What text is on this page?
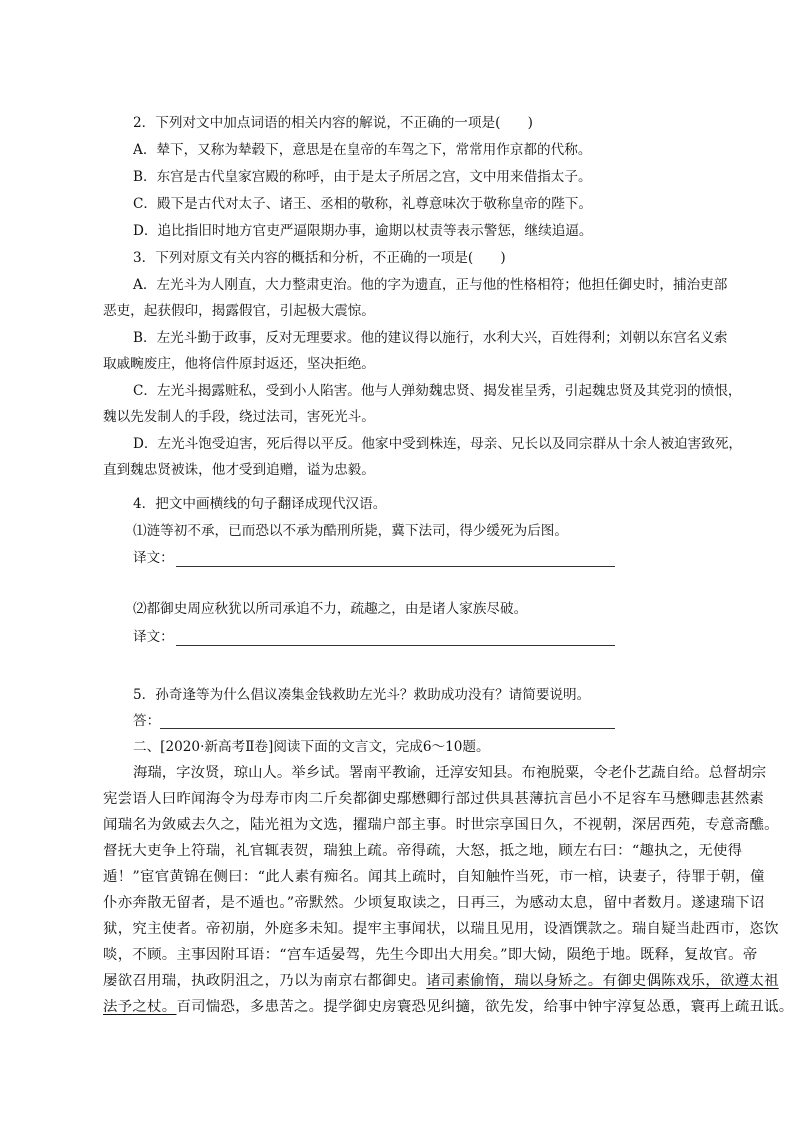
2．下列对文中加点词语的相关内容的解说，不正确的一项是(　　)
A．辇下，又称为辇毂下，意思是在皇帝的车驾之下，常常用作京都的代称。
B．东宫是古代皇家宫殿的称呼，由于是太子所居之宫，文中用来借指太子。
C．殿下是古代对太子、诸王、丞相的敬称，礼尊意味次于敬称皇帝的陛下。
D．追比指旧时地方官吏严逼限期办事，逾期以杖责等表示警惩，继续追逼。
3．下列对原文有关内容的概括和分析，不正确的一项是(　　)
A．左光斗为人刚直，大力整肃吏治。他的字为遗直，正与他的性格相符；他担任御史时，捕治吏部
恶吏，起获假印，揭露假官，引起极大震惊。
B．左光斗勤于政事，反对无理要求。他的建议得以施行，水利大兴，百姓得利；刘朝以东宫名义索
取戚畹废庄，他将信件原封返还，坚决拒绝。
C．左光斗揭露赃私，受到小人陷害。他与人弹劾魏忠贤、揭发崔呈秀，引起魏忠贤及其党羽的愤恨，
魏以先发制人的手段，绕过法司，害死光斗。
D．左光斗饱受迫害，死后得以平反。他家中受到株连，母亲、兄长以及同宗群从十余人被迫害致死，
直到魏忠贤被诛，他才受到追赠，谥为忠毅。
4．把文中画横线的句子翻译成现代汉语。
⑴涟等初不承，已而恐以不承为酷刑所毙，冀下法司，得少缓死为后图。
译文：
⑵都御史周应秋犹以所司承追不力，疏趣之，由是诸人家族尽破。
译文：
5．孙奇逢等为什么倡议凑集金钱救助左光斗？救助成功没有？请简要说明。
答：
二、[2020·新高考Ⅱ卷]阅读下面的文言文，完成6～10题。
海瑞，字汝贤，琼山人。举乡试。署南平教谕，迁淳安知县。布袍脱粟，令老仆艺蔬自给。总督胡宗
宪尝语人曰昨闻海令为母寿市肉二斤矣都御史鄢懋卿行部过供具甚薄抗言邑小不足容车马懋卿恚甚然素
闻瑞名为敛威去久之，陆光祖为文选，擢瑞户部主事。时世宗享国日久，不视朝，深居西苑，专意斋醮。
督抚大吏争上符瑞，礼官辄表贺，瑞独上疏。帝得疏，大怒，抵之地，顾左右曰：“趣执之，无使得
遁！”宦官黄锦在侧曰：“此人素有痴名。闻其上疏时，自知触忤当死，市一棺，诀妻子，待罪于朝，僮
仆亦奔散无留者，是不遁也。”帝默然。少顷复取读之，日再三，为感动太息，留中者数月。遂逮瑞下诏
狱，究主使者。帝初崩，外庭多未知。提牢主事闻状，以瑞且见用，设酒馔款之。瑞自疑当赴西市，恣饮
啖，不顾。主事因附耳语：“宫车适晏驾，先生今即出大用矣。”即大恸，陨绝于地。既释，复故官。帝
屡欲召用瑞，执政阴沮之，乃以为南京右都御史。诸司素偷惰，瑞以身矫之。有御史偶陈戏乐，欲遵太祖
法予之杖。百司惴恐，多患苦之。提学御史房寰恐见纠擿，欲先发，给事中钟宇淳复怂恿，寰再上疏丑诋。
